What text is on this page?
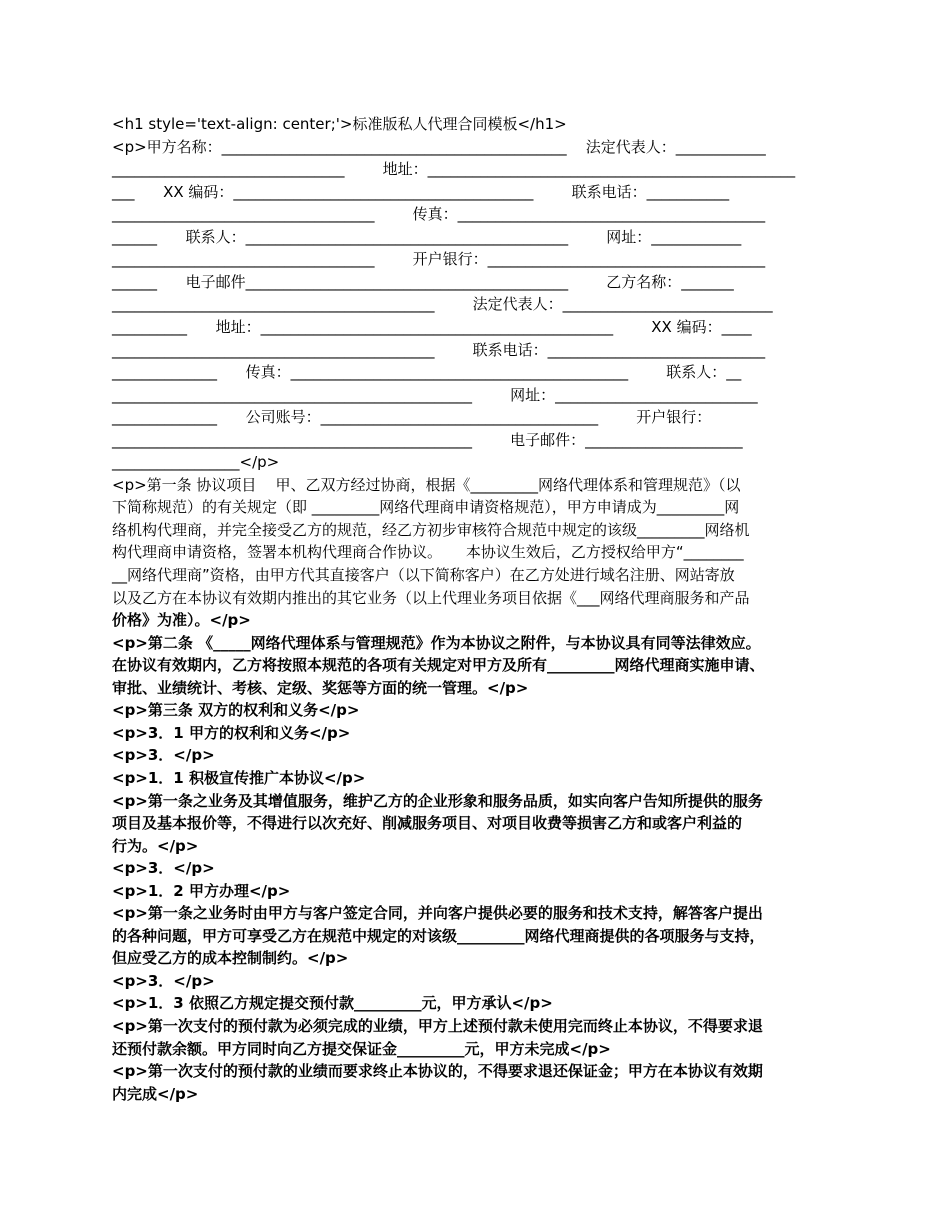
<h1 style='text-align: center;'>标准版私人代理合同模板</h1>
<p>甲方名称：______________________________________________    法定代表人：____________
_______________________________        地址：_________________________________________________
___      XX 编码：________________________________________        联系电话：___________
___________________________________        传真：_________________________________________
______      联系人：___________________________________________        网址：____________
___________________________________        开户银行：_____________________________________
______      电子邮件___________________________________________        乙方名称：_______
___________________________________________        法定代表人：____________________________
__________      地址：_______________________________________________        XX 编码：____
___________________________________________        联系电话：_____________________________
______________      传真：_____________________________________________        联系人：__
________________________________________________        网址：___________________________
______________      公司账号：_____________________________________        开户银行：
________________________________________________        电子邮件：_____________________
_________________</p>
<p>第一条 协议项目    甲、乙双方经过协商，根据《_________网络代理体系和管理规范》（以
下简称规范）的有关规定（即 _________网络代理商申请资格规范），甲方申请成为_________网
络机构代理商，并完全接受乙方的规范，经乙方初步审核符合规范中规定的该级_________网络机
构代理商申请资格，签署本机构代理商合作协议。     本协议生效后，乙方授权给甲方“________
__网络代理商”资格，由甲方代其直接客户（以下简称客户）在乙方处进行域名注册、网站寄放
以及乙方在本协议有效期内推出的其它业务（以上代理业务项目依据《___网络代理商服务和产品
价格》为准）。</p>
<p>第二条 《_____网络代理体系与管理规范》作为本协议之附件，与本协议具有同等法律效应。
在协议有效期内，乙方将按照本规范的各项有关规定对甲方及所有_________网络代理商实施申请、
审批、业绩统计、考核、定级、奖惩等方面的统一管理。</p>
<p>第三条 双方的权利和义务</p>
<p>3．1 甲方的权利和义务</p>
<p>3．</p>
<p>1．1 积极宣传推广本协议</p>
<p>第一条之业务及其增值服务，维护乙方的企业形象和服务品质，如实向客户告知所提供的服务
项目及基本报价等，不得进行以次充好、削减服务项目、对项目收费等损害乙方和或客户利益的
行为。</p>
<p>3．</p>
<p>1．2 甲方办理</p>
<p>第一条之业务时由甲方与客户签定合同，并向客户提供必要的服务和技术支持，解答客户提出
的各种问题，甲方可享受乙方在规范中规定的对该级_________网络代理商提供的各项服务与支持，
但应受乙方的成本控制制约。</p>
<p>3．</p>
<p>1．3 依照乙方规定提交预付款_________元，甲方承认</p>
<p>第一次支付的预付款为必须完成的业绩，甲方上述预付款未使用完而终止本协议，不得要求退
还预付款余额。甲方同时向乙方提交保证金_________元，甲方未完成</p>
<p>第一次支付的预付款的业绩而要求终止本协议的，不得要求退还保证金；甲方在本协议有效期
内完成</p>
